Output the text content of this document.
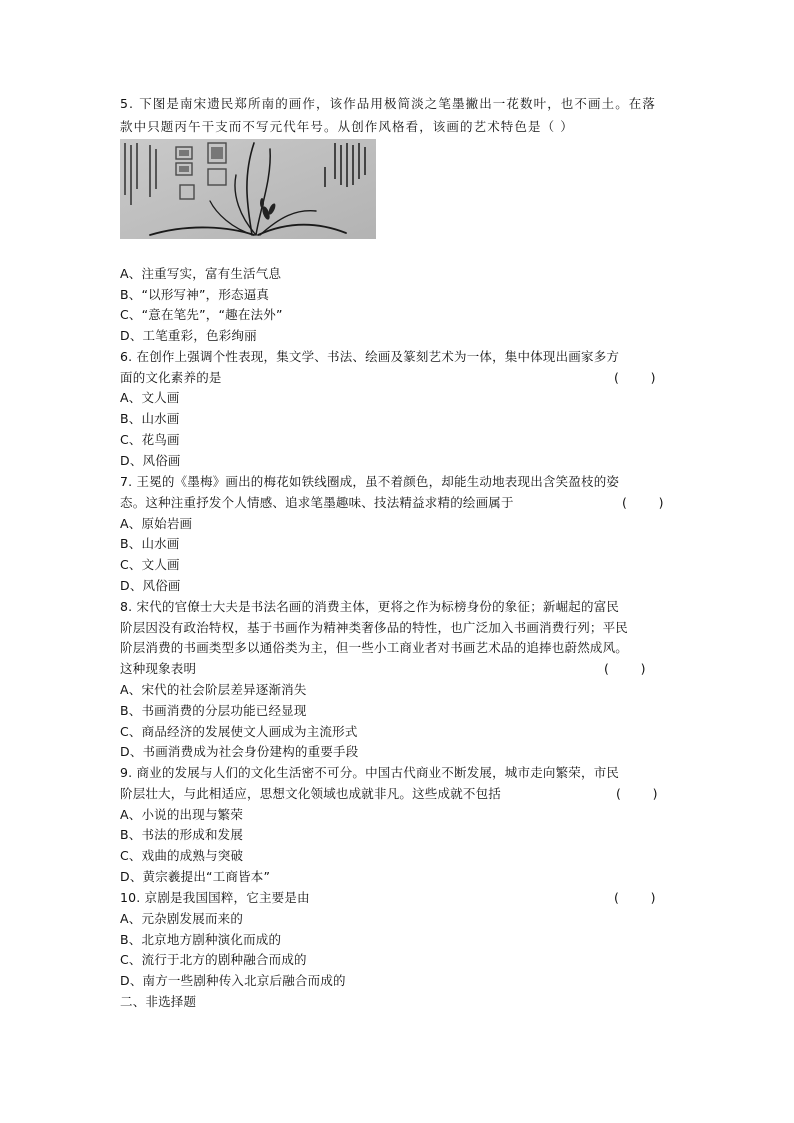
5. 下图是南宋遗民郑所南的画作，该作品用极简淡之笔墨撇出一花数叶，也不画土。在落
款中只题丙午干支而不写元代年号。从创作风格看，该画的艺术特色是（ ）
A、注重写实，富有生活气息
B、“以形写神”，形态逼真
C、“意在笔先”，“趣在法外”
D、工笔重彩，色彩绚丽
6. 在创作上强调个性表现，集文学、书法、绘画及篆刻艺术为一体，集中体现出画家多方
面的文化素养的是	(        )
A、文人画
B、山水画
C、花鸟画
D、风俗画
7. 王冕的《墨梅》画出的梅花如铁线圈成，虽不着颜色，却能生动地表现出含笑盈枝的姿
态。这种注重抒发个人情感、追求笔墨趣味、技法精益求精的绘画属于	(        )
A、原始岩画
B、山水画
C、文人画
D、风俗画
8. 宋代的官僚士大夫是书法名画的消费主体，更将之作为标榜身份的象征；新崛起的富民
阶层因没有政治特权，基于书画作为精神类奢侈品的特性，也广泛加入书画消费行列；平民
阶层消费的书画类型多以通俗类为主，但一些小工商业者对书画艺术品的追捧也蔚然成风。
这种现象表明	(        )
A、宋代的社会阶层差异逐渐消失
B、书画消费的分层功能已经显现
C、商品经济的发展使文人画成为主流形式
D、书画消费成为社会身份建构的重要手段
9. 商业的发展与人们的文化生活密不可分。中国古代商业不断发展，城市走向繁荣，市民
阶层壮大，与此相适应，思想文化领域也成就非凡。这些成就不包括	(        )
A、小说的出现与繁荣
B、书法的形成和发展
C、戏曲的成熟与突破
D、黄宗羲提出“工商皆本”
10. 京剧是我国国粹，它主要是由	(        )
A、元杂剧发展而来的
B、北京地方剧种演化而成的
C、流行于北方的剧种融合而成的
D、南方一些剧种传入北京后融合而成的
二、非选择题
